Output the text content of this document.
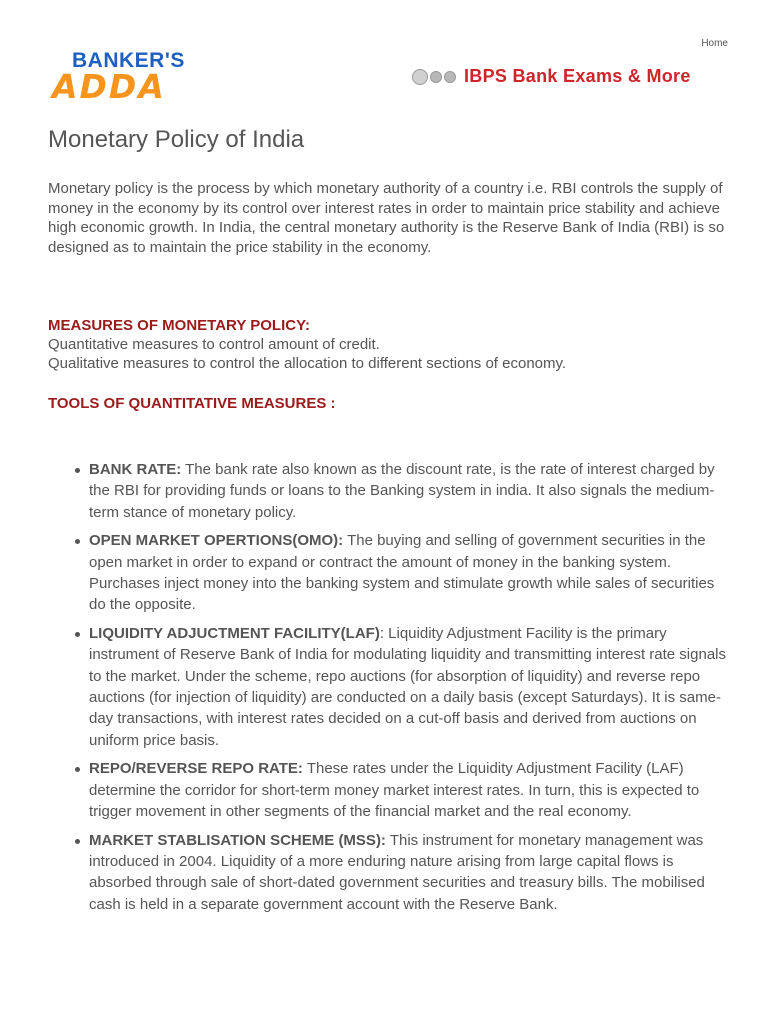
Home
BANKER'S
ADDA	IBPS Bank Exams & More
Monetary Policy of India

Monetary policy is the process by which monetary authority of a country i.e. RBI controls the supply of money in the economy by its control over interest rates in order to maintain price stability and achieve high economic growth. In India, the central monetary authority is the Reserve Bank of India (RBI) is so designed as to maintain the price stability in the economy.

MEASURES OF MONETARY POLICY:

Quantitative measures to control amount of credit.

Qualitative measures to control the allocation to different sections of economy.

TOOLS OF QUANTITATIVE MEASURES :

BANK RATE: The bank rate also known as the discount rate, is the rate of interest charged by the RBI for providing funds or loans to the Banking system in india. It also signals the medium-term stance of monetary policy.
OPEN MARKET OPERTIONS(OMO): The buying and selling of government securities in the open market in order to expand or contract the amount of money in the banking system. Purchases inject money into the banking system and stimulate growth while sales of securities do the opposite.
LIQUIDITY ADJUCTMENT FACILITY(LAF): Liquidity Adjustment Facility is the primary instrument of Reserve Bank of India for modulating liquidity and transmitting interest rate signals to the market. Under the scheme, repo auctions (for absorption of liquidity) and reverse repo auctions (for injection of liquidity) are conducted on a daily basis (except Saturdays). It is same-day transactions, with interest rates decided on a cut-off basis and derived from auctions on uniform price basis.
REPO/REVERSE REPO RATE: These rates under the Liquidity Adjustment Facility (LAF) determine the corridor for short-term money market interest rates. In turn, this is expected to trigger movement in other segments of the financial market and the real economy.
MARKET STABLISATION SCHEME (MSS): This instrument for monetary management was introduced in 2004. Liquidity of a more enduring nature arising from large capital flows is absorbed through sale of short-dated government securities and treasury bills. The mobilised cash is held in a separate government account with the Reserve Bank.
